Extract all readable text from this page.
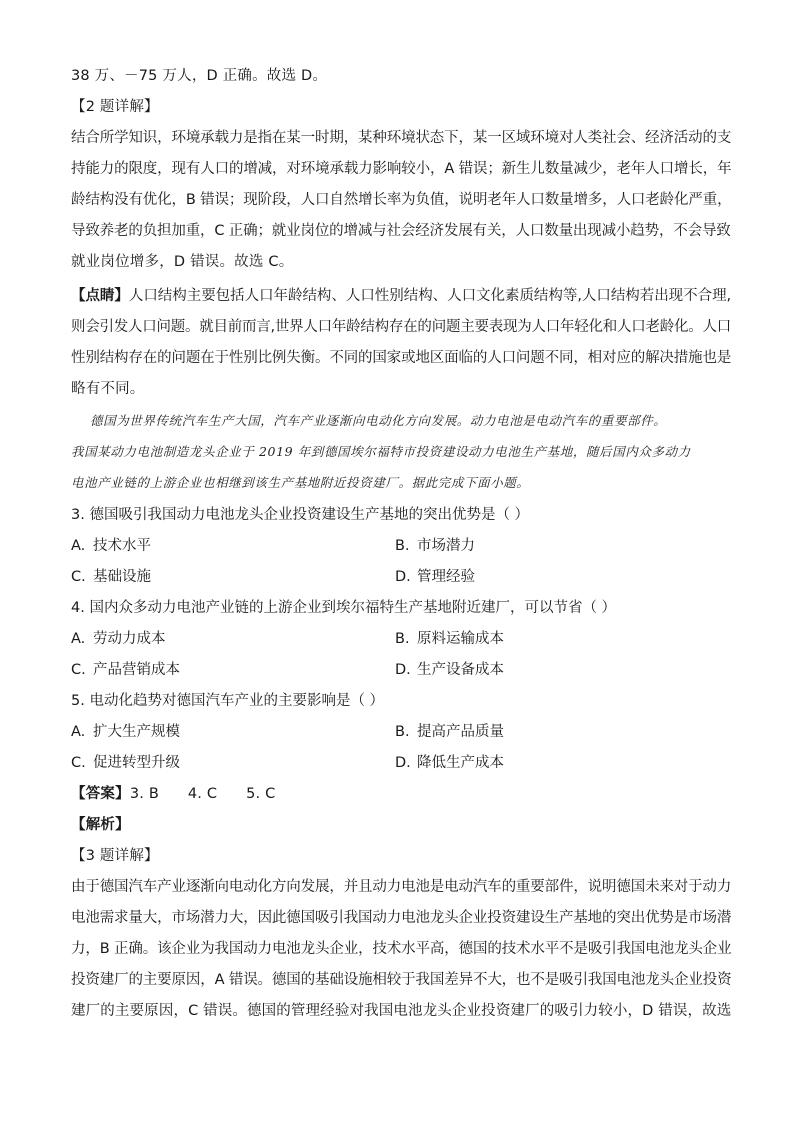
38 万、－75 万人，D 正确。故选 D。
【2 题详解】
结合所学知识，环境承载力是指在某一时期，某种环境状态下，某一区域环境对人类社会、经济活动的支
持能力的限度，现有人口的增减，对环境承载力影响较小，A 错误；新生儿数量减少，老年人口增长，年
龄结构没有优化，B 错误；现阶段，人口自然增长率为负值，说明老年人口数量增多，人口老龄化严重，
导致养老的负担加重，C 正确；就业岗位的增减与社会经济发展有关，人口数量出现减小趋势，不会导致
就业岗位增多，D 错误。故选 C。
【点睛】人口结构主要包括人口年龄结构、人口性别结构、人口文化素质结构等,人口结构若出现不合理,
则会引发人口问题。就目前而言,世界人口年龄结构存在的问题主要表现为人口年轻化和人口老龄化。人口
性别结构存在的问题在于性别比例失衡。不同的国家或地区面临的人口问题不同，相对应的解决措施也是
略有不同。
德国为世界传统汽车生产大国，汽车产业逐渐向电动化方向发展。动力电池是电动汽车的重要部件。
我国某动力电池制造龙头企业于 2019 年到德国埃尔福特市投资建设动力电池生产基地，随后国内众多动力
电池产业链的上游企业也相继到该生产基地附近投资建厂。据此完成下面小题。
3. 德国吸引我国动力电池龙头企业投资建设生产基地的突出优势是（ ）
A. 技术水平	B. 市场潜力
C. 基础设施	D. 管理经验
4. 国内众多动力电池产业链的上游企业到埃尔福特生产基地附近建厂，可以节省（ ）
A. 劳动力成本	B. 原料运输成本
C. 产品营销成本	D. 生产设备成本
5. 电动化趋势对德国汽车产业的主要影响是（ ）
A. 扩大生产规模	B. 提高产品质量
C. 促进转型升级	D. 降低生产成本
【答案】3. B      4. C      5. C
【解析】
【3 题详解】
由于德国汽车产业逐渐向电动化方向发展，并且动力电池是电动汽车的重要部件，说明德国未来对于动力
电池需求量大，市场潜力大，因此德国吸引我国动力电池龙头企业投资建设生产基地的突出优势是市场潜
力，B 正确。该企业为我国动力电池龙头企业，技术水平高，德国的技术水平不是吸引我国电池龙头企业
投资建厂的主要原因，A 错误。德国的基础设施相较于我国差异不大，也不是吸引我国电池龙头企业投资
建厂的主要原因，C 错误。德国的管理经验对我国电池龙头企业投资建厂的吸引力较小，D 错误，故选
